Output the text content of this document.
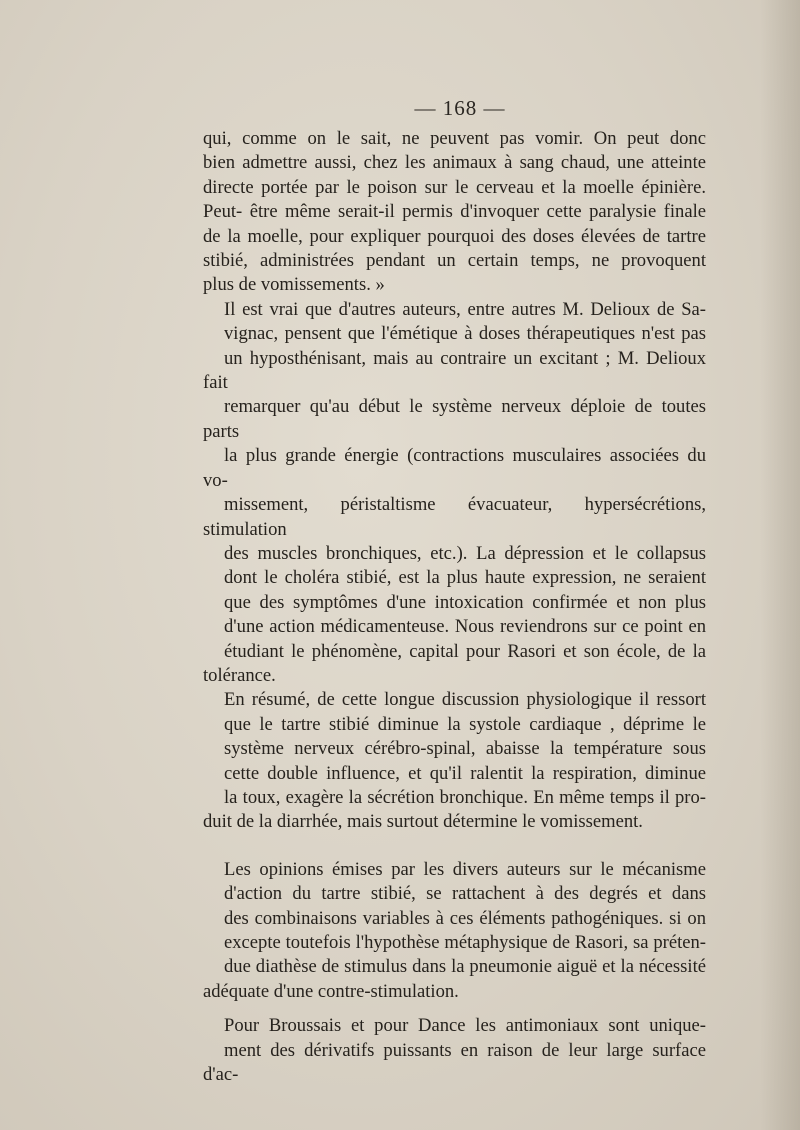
— 168 —

qui, comme on le sait, ne peuvent pas vomir. On peut donc
bien admettre aussi, chez les animaux à sang chaud, une atteinte
directe portée par le poison sur le cerveau et la moelle épinière.
Peut- être même serait-il permis d'invoquer cette paralysie finale
de la moelle, pour expliquer pourquoi des doses élevées de tartre
stibié, administrées pendant un certain temps, ne provoquent

plus de vomissements. »

Il est vrai que d'autres auteurs, entre autres M. Delioux de Sa-
vignac, pensent que l'émétique à doses thérapeutiques n'est pas
un hyposthénisant, mais au contraire un excitant ; M. Delioux fait
remarquer qu'au début le système nerveux déploie de toutes parts
la plus grande énergie (contractions musculaires associées du vo-
missement, péristaltisme évacuateur, hypersécrétions, stimulation
des muscles bronchiques, etc.). La dépression et le collapsus
dont le choléra stibié, est la plus haute expression, ne seraient
que des symptômes d'une intoxication confirmée et non plus
d'une action médicamenteuse. Nous reviendrons sur ce point en
étudiant le phénomène, capital pour Rasori et son école, de la

tolérance.

En résumé, de cette longue discussion physiologique il ressort
que le tartre stibié diminue la systole cardiaque , déprime le
système nerveux cérébro-spinal, abaisse la température sous
cette double influence, et qu'il ralentit la respiration, diminue
la toux, exagère la sécrétion bronchique. En même temps il pro-

duit de la diarrhée, mais surtout détermine le vomissement.

Les opinions émises par les divers auteurs sur le mécanisme
d'action du tartre stibié, se rattachent à des degrés et dans
des combinaisons variables à ces éléments pathogéniques. si on
excepte toutefois l'hypothèse métaphysique de Rasori, sa préten-
due diathèse de stimulus dans la pneumonie aiguë et la nécessité

adéquate d'une contre-stimulation.

Pour Broussais et pour Dance les antimoniaux sont unique-
ment des dérivatifs puissants en raison de leur large surface d'ac-
